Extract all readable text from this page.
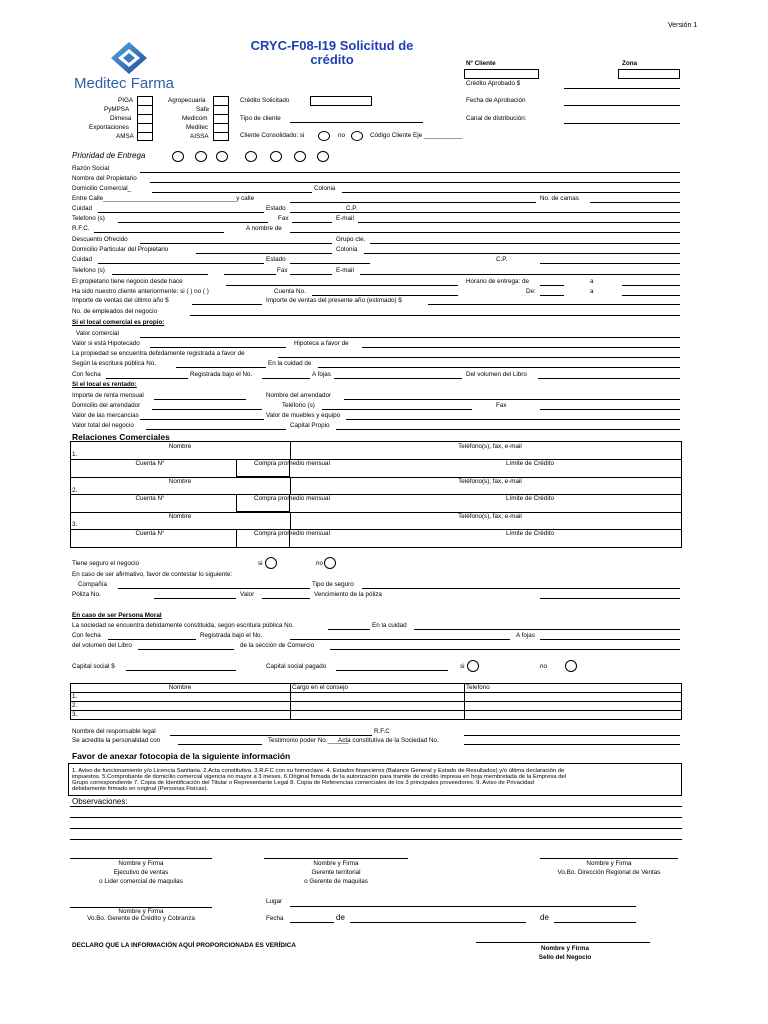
Versión 1
Meditec Farma
CRYC-F08-I19 Solicitud de crédito	Nº Cliente	Zona
Crédito Aprobado $
Fecha de Aprobación
Canal de distribución:
PIGA
PyMPSA
Dimesa
Exportaciones
AMSA
Agropecuaria
Safe
Medicom
Meditec
AISSA
Crédito Solicitado
Tipo de cliente
Cliente Consolidado: si	no	Código Cliente Eje ___________
Prioridad de Entrega
Razón Social
Nombre del Propietario
Domicilio Comercial_	Colonia
Entre Calle______________________________________y calle	No. de camas
Cuidad	Estado	C.P.
Telefono (s)	Fax	E-mail
R.F.C.	A nombre de
Descuento Ofrecido	Grupo cte.
Domicilio Particular del Propietario	Colonia
Cuidad	Estado	C.P.
Telefono (s)	Fax	E-mail
El propietario tiene negocio desde hace	Horario de entrega: de	a
Ha sido nuestro cliente anteriormente: si ( ) no ( )	Cuenta No.	De:	a
Importe de ventas del último año $	Importe de ventas del presente año (estimado) $
No. de empleados del negocio
Si el local comercial es propio:
Valor comercial
Valor si está Hipotecado	Hipoteca a favor de
La propiedad se encuentra debidamente registrada a favor de
Según la escritura pública No.	En la cuidad de
Con fecha	Registrada bajo el No.	A fojas	Del volumen del Libro
Si el local es rentado:
Importe de renta mensual	Nombre del arrendador
Domicilio del arrendador	Teléfono (s)	Fax
Valor de las mercancias	Valor de muebles y equipo
Valor total del negocio	Capital Propio
Relaciones Comerciales
Nombre	Teléfono(s), fax, e-mail
1.
Cuenta N°	Compra promedio mensual	Límite de Crédito
Nombre	Teléfono(s), fax, e-mail
2.
Cuenta N°	Compra promedio mensual	Límite de Crédito
Nombre	Teléfono(s), fax, e-mail
3.
Cuenta N°	Compra promedio mensual	Límite de Crédito
Tiene seguro el negocio	si	no
En caso de ser afirmativo, favor de contestar lo siguiente:
Compañía	Tipo de seguro
Póliza No.	Valor	Vencimiento de la póliza
En caso de ser Persona Moral
La sociedad se encuentra debidamente constituida, según escritura pública No.	En la cuidad
Con fecha	Registrada bajo el No.	A fojas
del volumen del Libro	de la sección de Comercio
Capital social $	Capital social pagado	si	no
Nombre	Cargo en el consejo	Telefono
1.
2.
3.
Nombre del responsable legal	R.F.C
Se acredita la personalidad con	Testimonio poder No.______
Acta constitutiva de la Sociedad No.
Favor de anexar fotocopia de la siguiente información
1. Aviso de funcionamiento y/o Licencia Sanitaria. 2.Acta constitutiva. 3.R.F.C con su homoclave. 4. Estados financieros (Balance General y Estado de Resultados) y/o última declaración de
impuestos. 5.Comprobante de domicilio comercial vigencia no mayor a 3 meses. 6.Original firmada de la autorización para tramite de crédito impresa en hoja membretada de la Empresa del
Grupo correspondiente 7. Copia de Identificación del Titular o Representante Legal 8. Copia de Referencias comerciales de los 3 principales proveedores. 9. Aviso de Privacidad
debidamente firmado en original (Personas Fisicas).
Observaciones:
Nombre y Firma
Ejecutivo de ventas
o Lider comercial de maquilas
Nombre y Firma
Gerente territorial
o Gerente de maquilas
Nombre y Firma
Vo.Bo. Dirección Regional de Ventas
Lugar
Nombre y Firma
Vo.Bo. Gerente de Crédito y Cobranza	Fecha	de	de
DECLARO QUE LA INFORMACIÓN AQUÍ PROPORCIONADA ES VERÍDICA	Nombre y Firma
Sello del Negocio
